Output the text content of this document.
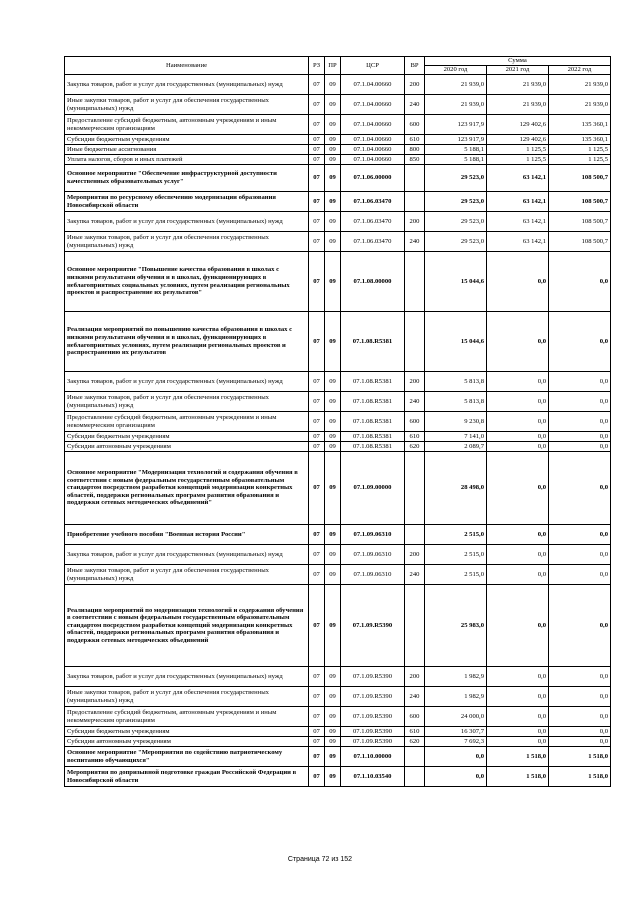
Наименование	РЗ	ПР	ЦСР	ВР	Сумма		
					2020 год	2021 год	2022 год
Закупка товаров, работ и услуг для государственных (муниципальных) нужд	07	09	07.1.04.00660	200	21 939,0	21 939,0	21 939,0
Иные закупки товаров, работ и услуг для обеспечения государственных (муниципальных) нужд	07	09	07.1.04.00660	240	21 939,0	21 939,0	21 939,0
Предоставление субсидий бюджетным, автономным учреждениям и иным некоммерческим организациям	07	09	07.1.04.00660	600	123 917,9	129 402,6	135 360,1
Субсидии бюджетным учреждениям	07	09	07.1.04.00660	610	123 917,9	129 402,6	135 360,1
Иные бюджетные ассигнования	07	09	07.1.04.00660	800	5 188,1	1 125,5	1 125,5
Уплата налогов, сборов и иных платежей	07	09	07.1.04.00660	850	5 188,1	1 125,5	1 125,5
Основное мероприятие "Обеспечение инфраструктурной доступности качественных образовательных услуг"	07	09	07.1.06.00000		29 523,0	63 142,1	108 500,7
Мероприятия по ресурсному обеспечению модернизации образования Новосибирской области	07	09	07.1.06.03470		29 523,0	63 142,1	108 500,7
Закупка товаров, работ и услуг для государственных (муниципальных) нужд	07	09	07.1.06.03470	200	29 523,0	63 142,1	108 500,7
Иные закупки товаров, работ и услуг для обеспечения государственных (муниципальных) нужд	07	09	07.1.06.03470	240	29 523,0	63 142,1	108 500,7
Основное мероприятие "Повышение качества образования в школах с низкими результатами обучения и в школах, функционирующих в неблагоприятных социальных условиях, путем реализации региональных проектов и распространение их результатов"	07	09	07.1.08.00000		15 044,6	0,0	0,0
Реализация мероприятий по повышению качества образования в школах с низкими результатами обучения и в школах, функционирующих в неблагоприятных условиях, путем реализации региональных проектов и распространению их результатов	07	09	07.1.08.R5381		15 044,6	0,0	0,0
Закупка товаров, работ и услуг для государственных (муниципальных) нужд	07	09	07.1.08.R5381	200	5 813,8	0,0	0,0
Иные закупки товаров, работ и услуг для обеспечения государственных (муниципальных) нужд	07	09	07.1.08.R5381	240	5 813,8	0,0	0,0
Предоставление субсидий бюджетным, автономным учреждениям и иным некоммерческим организациям	07	09	07.1.08.R5381	600	9 230,8	0,0	0,0
Субсидии бюджетным учреждениям	07	09	07.1.08.R5381	610	7 141,0	0,0	0,0
Субсидии автономным учреждениям	07	09	07.1.08.R5381	620	2 089,7	0,0	0,0
Основное мероприятие "Модернизация технологий и содержания обучения в соответствии с новым федеральным государственным образовательным стандартом посредством разработки концепций модернизации конкретных областей, поддержки региональных программ развития образования и поддержки сетевых методических объединений"	07	09	07.1.09.00000		28 498,0	0,0	0,0
Приобретение учебного пособия "Военная история России"	07	09	07.1.09.06310		2 515,0	0,0	0,0
Закупка товаров, работ и услуг для государственных (муниципальных) нужд	07	09	07.1.09.06310	200	2 515,0	0,0	0,0
Иные закупки товаров, работ и услуг для обеспечения государственных (муниципальных) нужд	07	09	07.1.09.06310	240	2 515,0	0,0	0,0
Реализация мероприятий по модернизации технологий и содержания обучения в соответствии с новым федеральным государственным образовательным стандартом посредством разработки концепций модернизации конкретных областей, поддержки региональных программ развития образования и поддержки сетевых методических объединений	07	09	07.1.09.R5390		25 983,0	0,0	0,0
Закупка товаров, работ и услуг для государственных (муниципальных) нужд	07	09	07.1.09.R5390	200	1 982,9	0,0	0,0
Иные закупки товаров, работ и услуг для обеспечения государственных (муниципальных) нужд	07	09	07.1.09.R5390	240	1 982,9	0,0	0,0
Предоставление субсидий бюджетным, автономным учреждениям и иным некоммерческим организациям	07	09	07.1.09.R5390	600	24 000,0	0,0	0,0
Субсидии бюджетным учреждениям	07	09	07.1.09.R5390	610	16 307,7	0,0	0,0
Субсидии автономным учреждениям	07	09	07.1.09.R5390	620	7 692,3	0,0	0,0
Основное мероприятие "Мероприятия по содействию патриотическому воспитанию обучающихся"	07	09	07.1.10.00000		0,0	1 518,0	1 518,0
Мероприятия по допризывной подготовке граждан Российской Федерации в Новосибирской области	07	09	07.1.10.03540		0,0	1 518,0	1 518,0
Страница 72 из 152
